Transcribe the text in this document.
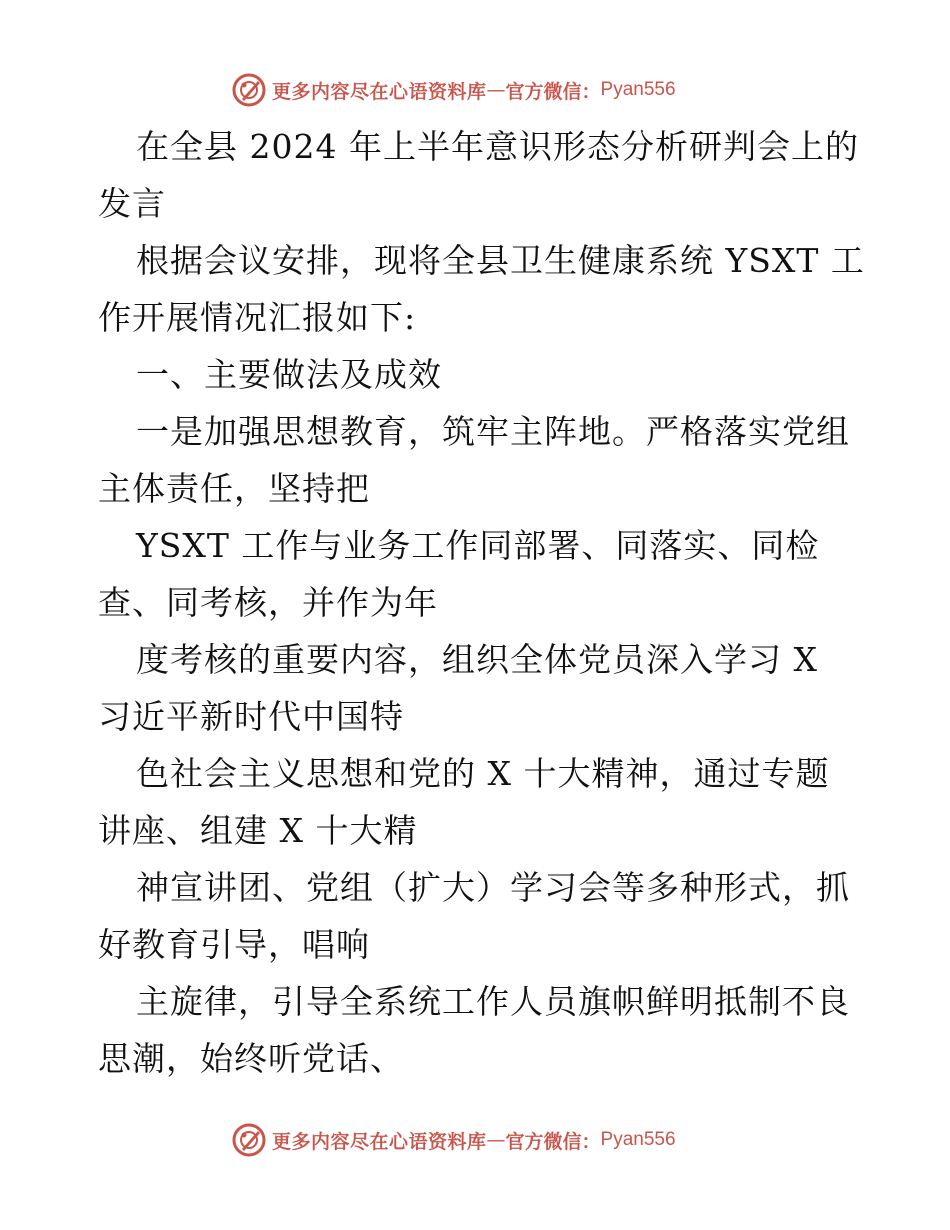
更多内容尽在心语资料库 — 官方微信： Pyan556
在全县 2024 年上半年意识形态分析研判会上的
发言
根据会议安排，现将全县卫生健康系统 YSXT 工
作开展情况汇报如下:
一、主要做法及成效
一是加强思想教育，筑牢主阵地。严格落实党组
主体责任，坚持把
YSXT 工作与业务工作同部署、同落实、同检
查、同考核，并作为年
度考核的重要内容，组织全体党员深入学习 X
习近平新时代中国特
色社会主义思想和党的 X 十大精神，通过专题
讲座、组建 X 十大精
神宣讲团、党组（扩大）学习会等多种形式，抓
好教育引导，唱响
主旋律，引导全系统工作人员旗帜鲜明抵制不良
思潮，始终听党话、
更多内容尽在心语资料库 — 官方微信： Pyan556
